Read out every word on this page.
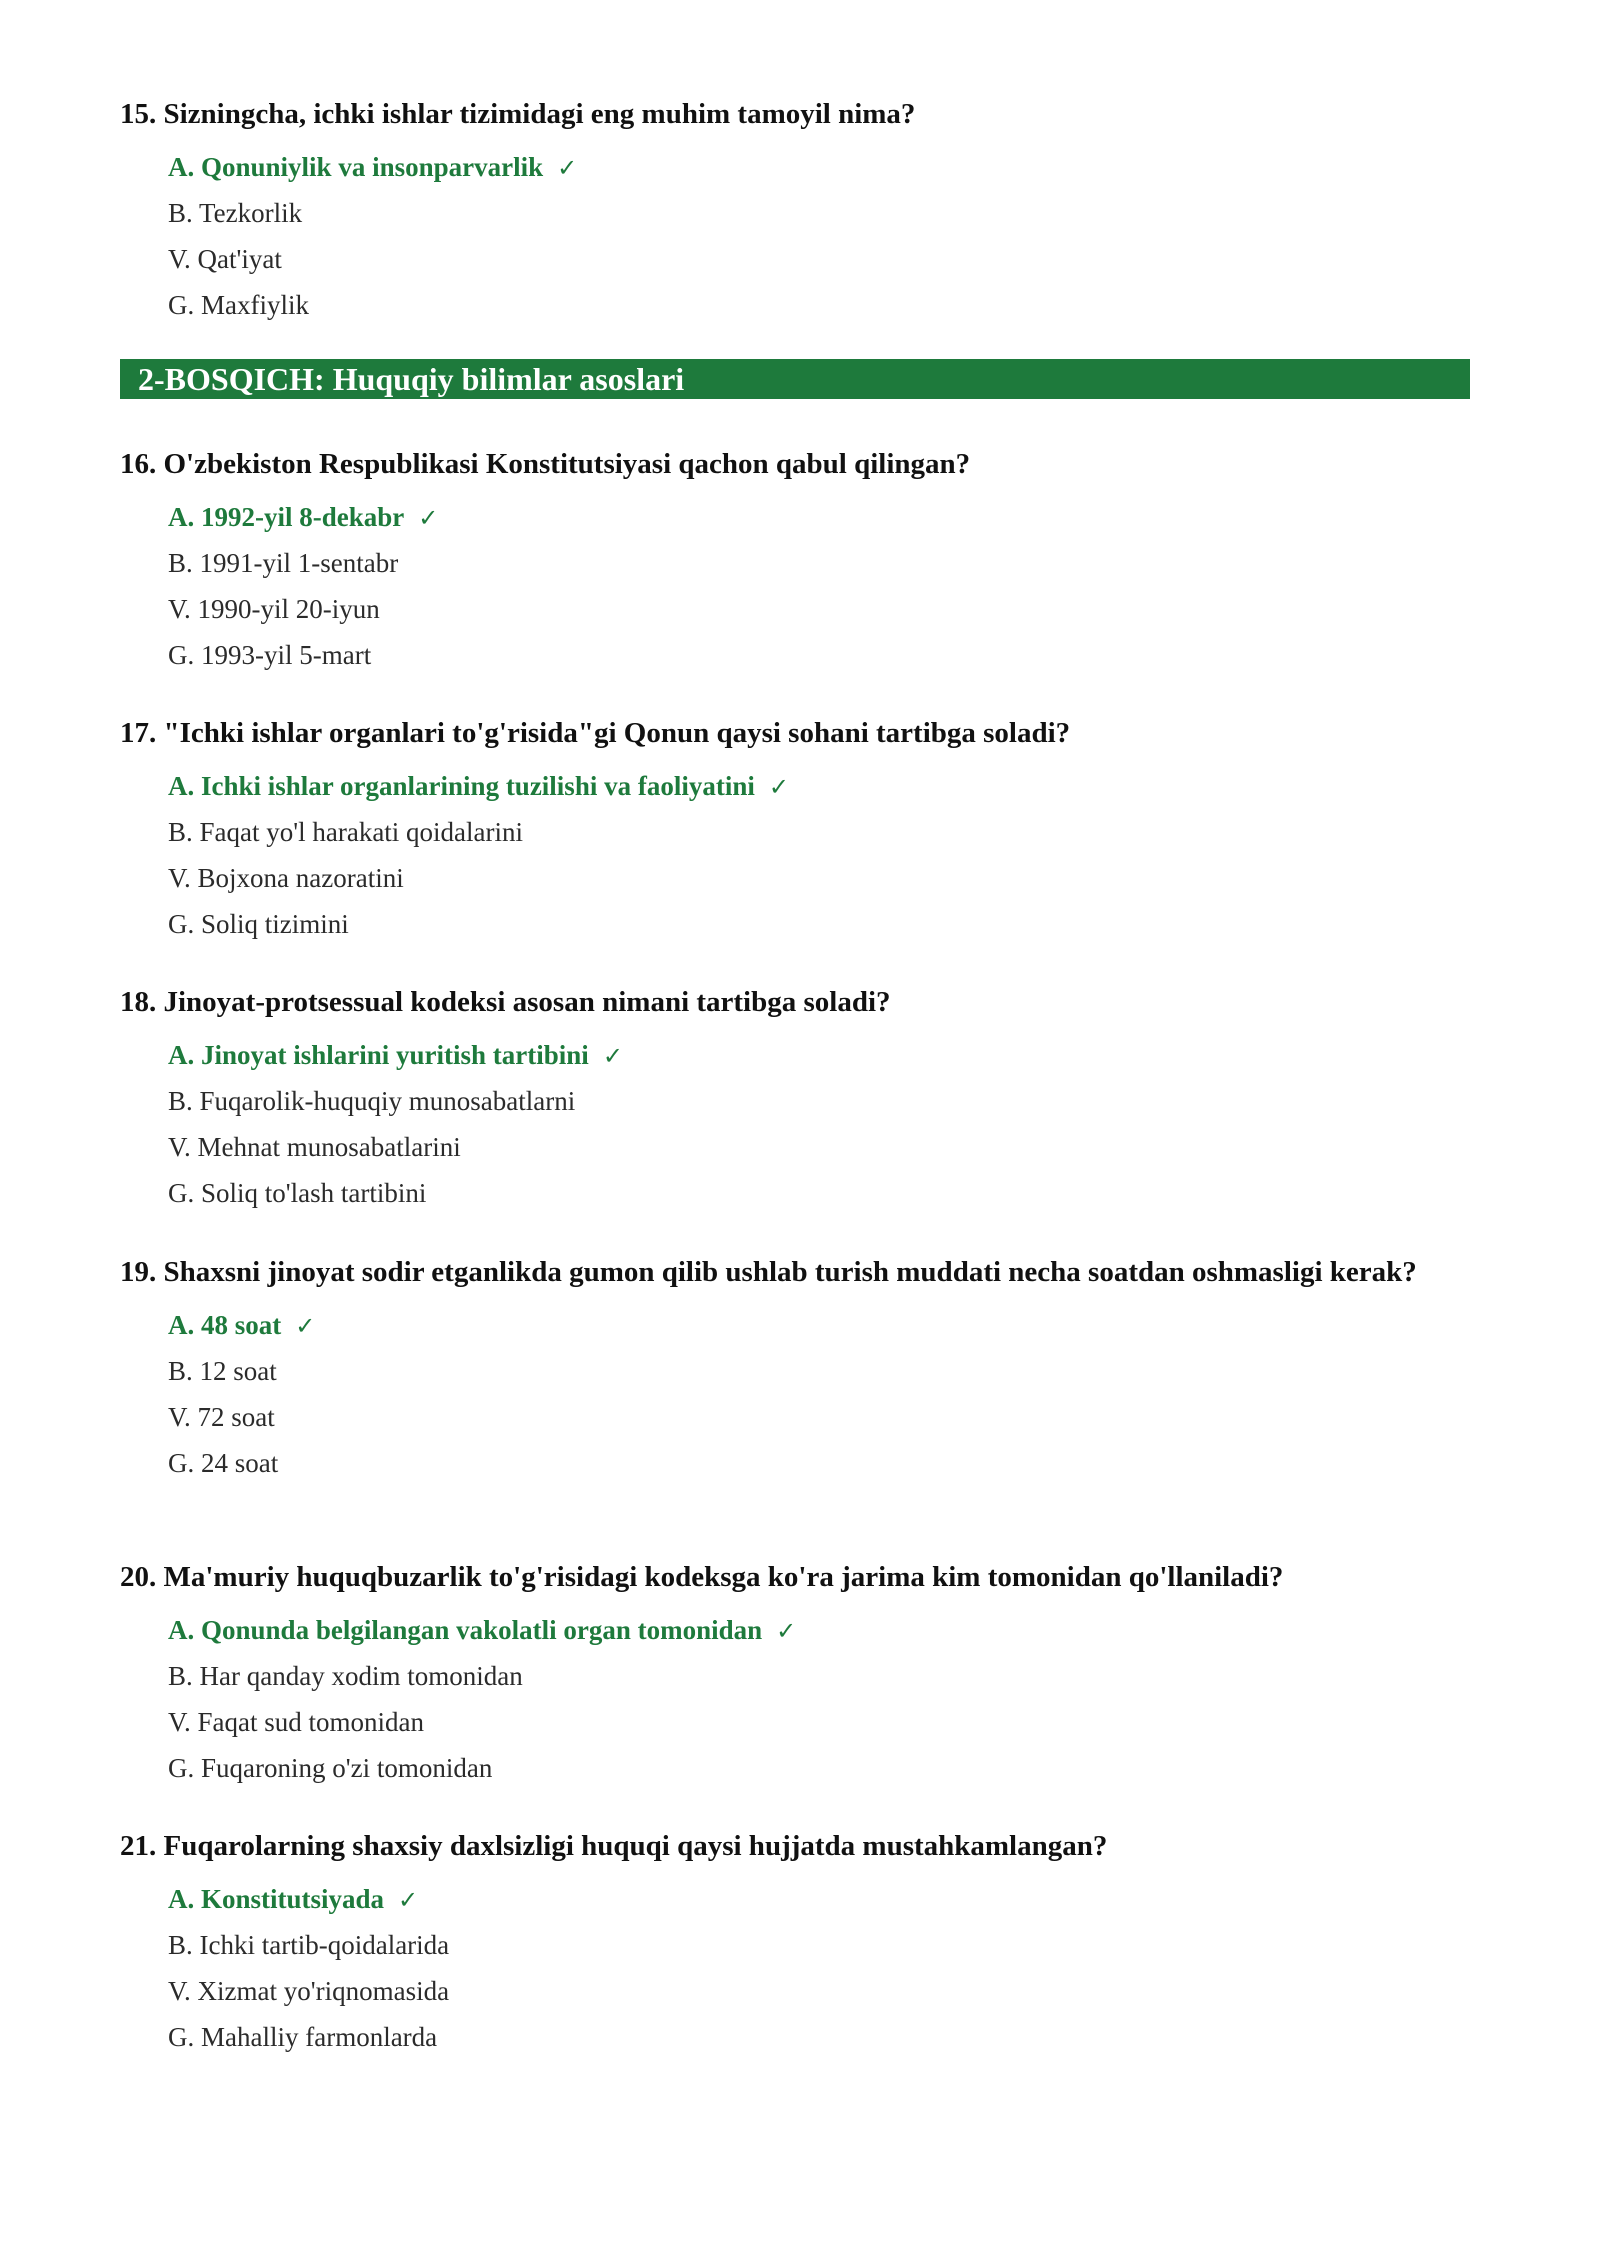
15. Sizningcha, ichki ishlar tizimidagi eng muhim tamoyil nima?

A. Qonuniylik va insonparvarlik ✓
B. Tezkorlik
V. Qat'iyat
G. Maxfiylik
2-BOSQICH: Huquqiy bilimlar asoslari

16. O'zbekiston Respublikasi Konstitutsiyasi qachon qabul qilingan?

A. 1992-yil 8-dekabr ✓
B. 1991-yil 1-sentabr
V. 1990-yil 20-iyun
G. 1993-yil 5-mart

17. "Ichki ishlar organlari to'g'risida"gi Qonun qaysi sohani tartibga soladi?

A. Ichki ishlar organlarining tuzilishi va faoliyatini ✓
B. Faqat yo'l harakati qoidalarini
V. Bojxona nazoratini
G. Soliq tizimini

18. Jinoyat-protsessual kodeksi asosan nimani tartibga soladi?

A. Jinoyat ishlarini yuritish tartibini ✓
B. Fuqarolik-huquqiy munosabatlarni
V. Mehnat munosabatlarini
G. Soliq to'lash tartibini

19. Shaxsni jinoyat sodir etganlikda gumon qilib ushlab turish muddati necha soatdan oshmasligi kerak?

A. 48 soat ✓
B. 12 soat
V. 72 soat
G. 24 soat

20. Ma'muriy huquqbuzarlik to'g'risidagi kodeksga ko'ra jarima kim tomonidan qo'llaniladi?

A. Qonunda belgilangan vakolatli organ tomonidan ✓
B. Har qanday xodim tomonidan
V. Faqat sud tomonidan
G. Fuqaroning o'zi tomonidan

21. Fuqarolarning shaxsiy daxlsizligi huquqi qaysi hujjatda mustahkamlangan?

A. Konstitutsiyada ✓
B. Ichki tartib-qoidalarida
V. Xizmat yo'riqnomasida
G. Mahalliy farmonlarda
